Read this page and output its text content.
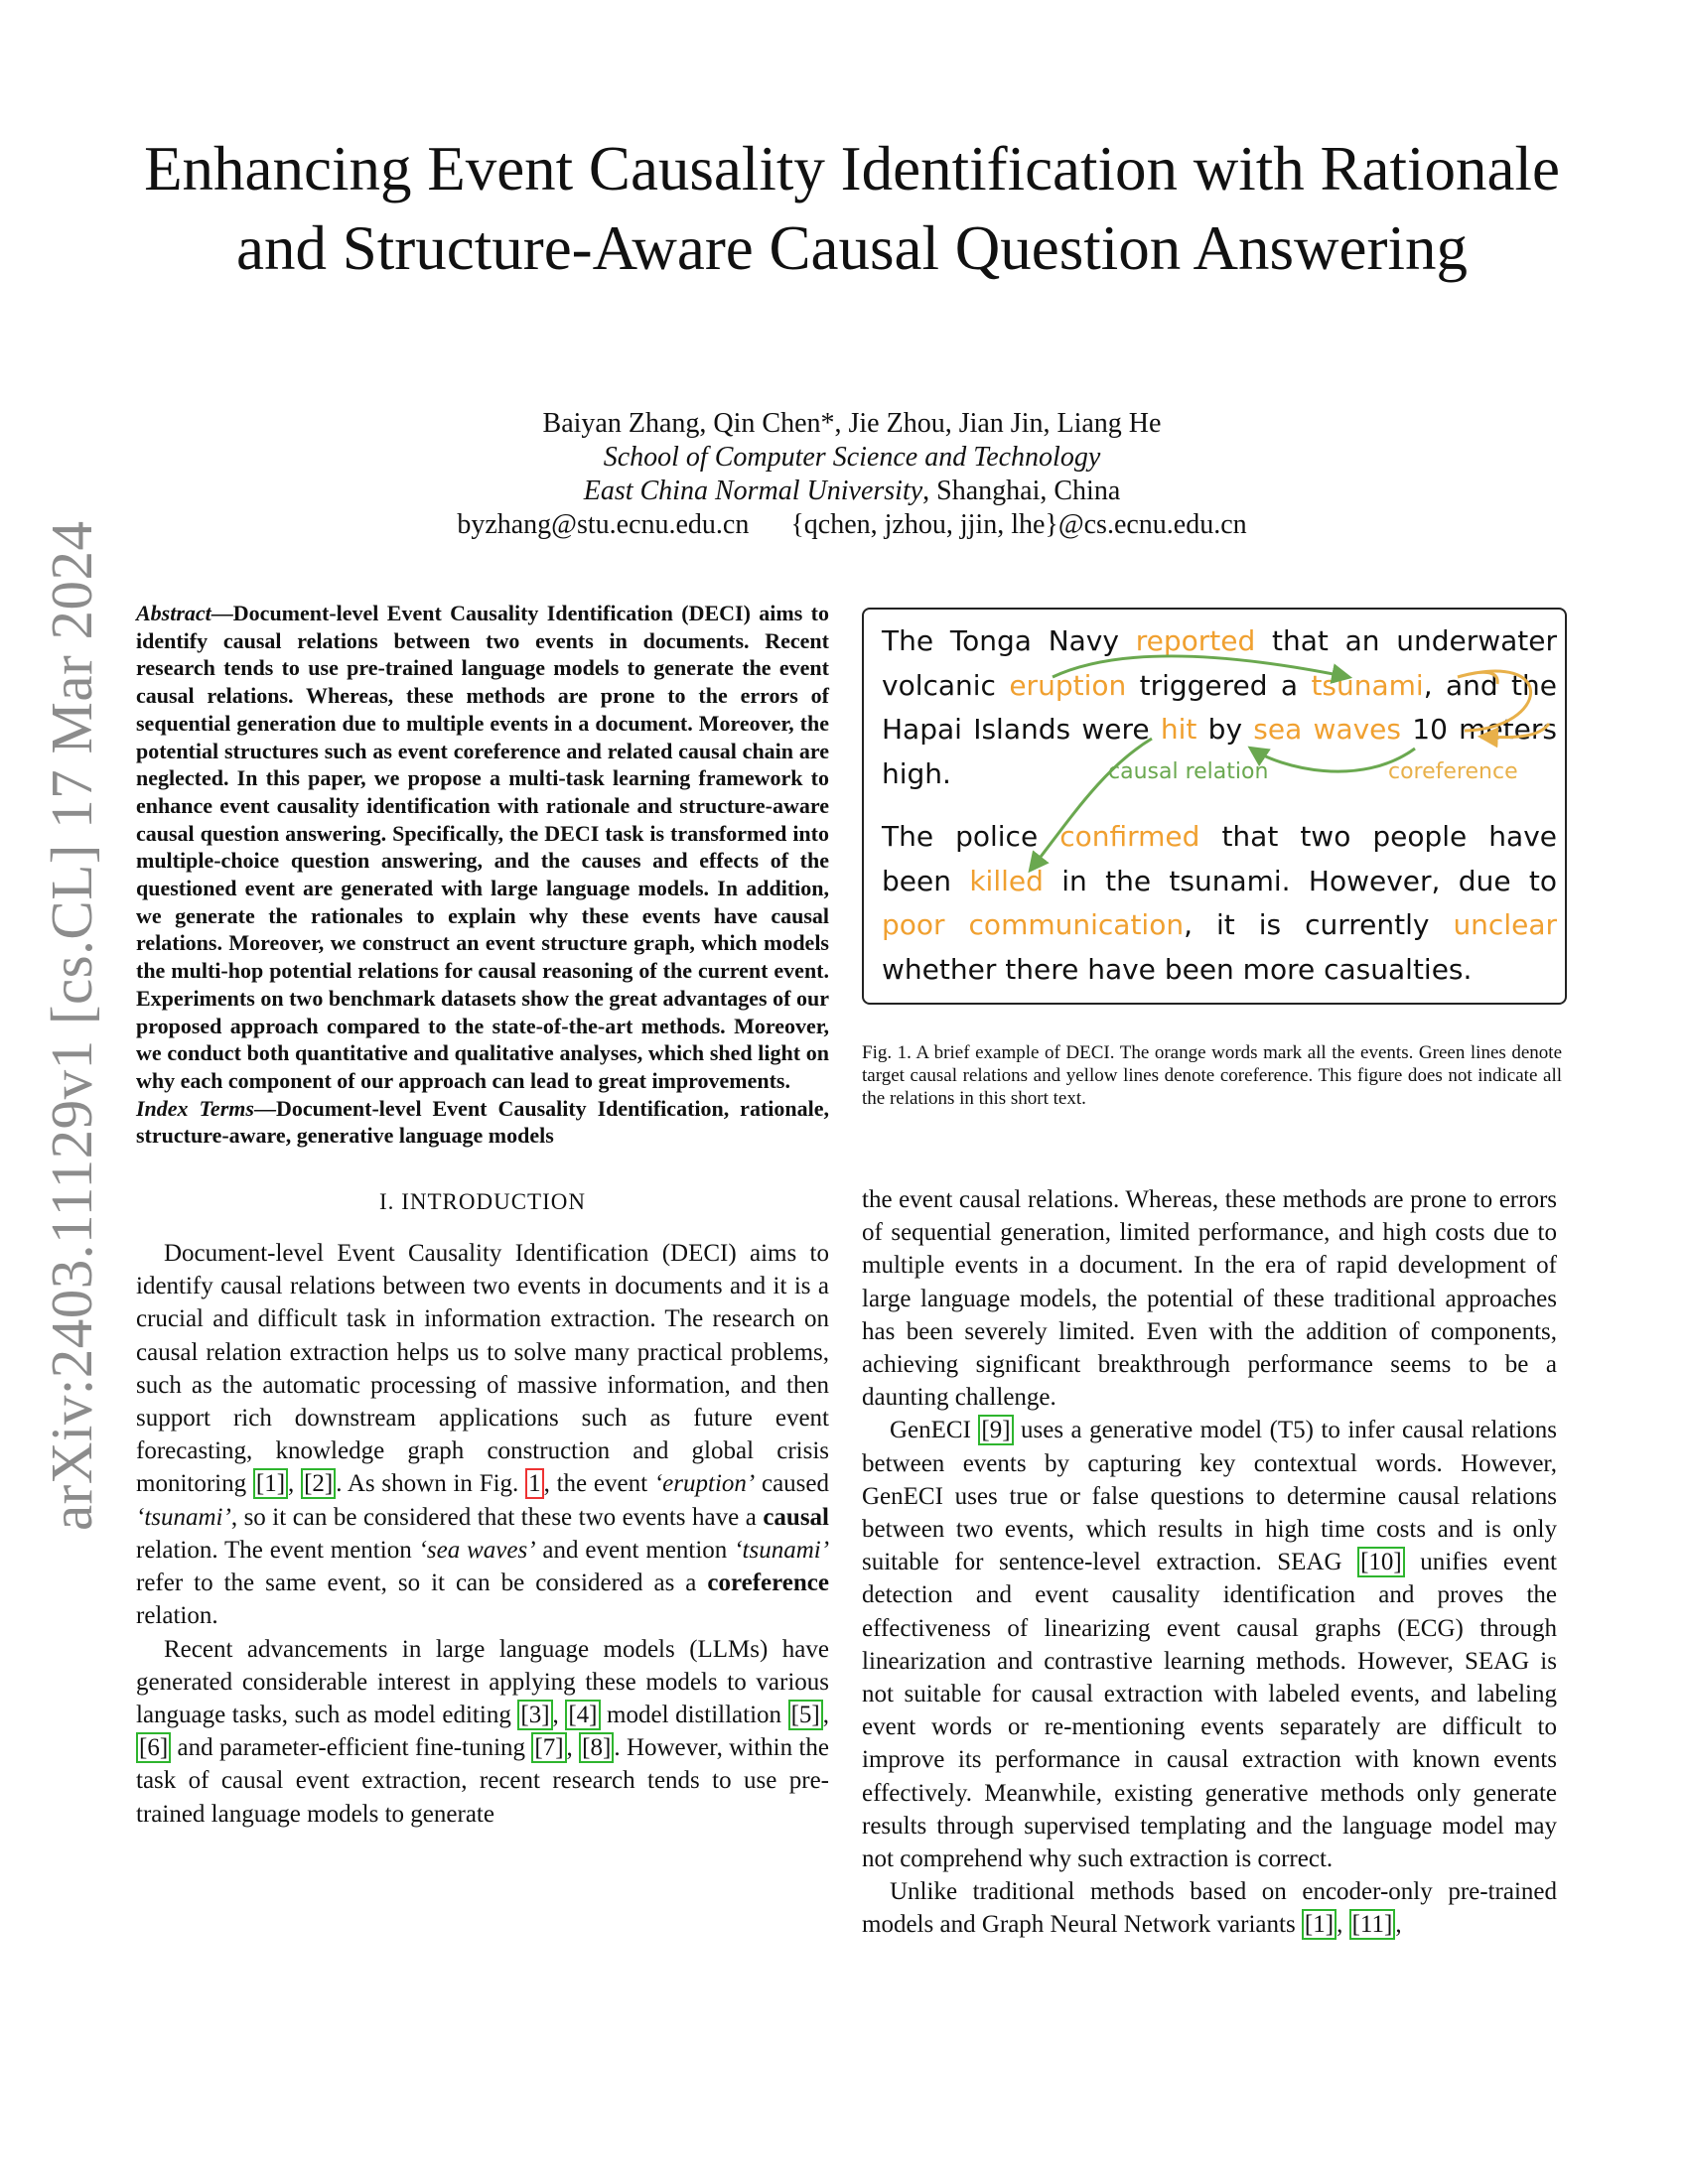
arXiv:2403.11129v1 [cs.CL] 17 Mar 2024
Enhancing Event Causality Identification with Rationale and Structure-Aware Causal Question Answering
Baiyan Zhang, Qin Chen*, Jie Zhou, Jian Jin, Liang He
School of Computer Science and Technology
East China Normal University, Shanghai, China
byzhang@stu.ecnu.edu.cn {qchen, jzhou, jjin, lhe}@cs.ecnu.edu.cn

Abstract—Document-level Event Causality Identification (DECI) aims to identify causal relations between two events in documents. Recent research tends to use pre-trained language models to generate the event causal relations. Whereas, these methods are prone to the errors of sequential generation due to multiple events in a document. Moreover, the potential structures such as event coreference and related causal chain are neglected. In this paper, we propose a multi-task learning framework to enhance event causality identification with rationale and structure-aware causal question answering. Specifically, the DECI task is transformed into multiple-choice question answering, and the causes and effects of the questioned event are generated with large language models. In addition, we generate the rationales to explain why these events have causal relations. Moreover, we construct an event structure graph, which models the multi-hop potential relations for causal reasoning of the current event. Experiments on two benchmark datasets show the great advantages of our proposed approach compared to the state-of-the-art methods. Moreover, we conduct both quantitative and qualitative analyses, which shed light on why each component of our approach can lead to great improvements.

Index Terms—Document-level Event Causality Identification, rationale, structure-aware, generative language models
I. INTRODUCTION

Document-level Event Causality Identification (DECI) aims to identify causal relations between two events in documents and it is a crucial and difficult task in information extraction. The research on causal relation extraction helps us to solve many practical problems, such as the automatic processing of massive information, and then support rich downstream applications such as future event forecasting, knowledge graph construction and global crisis monitoring [1] , [2] . As shown in Fig. 1 , the event ‘eruption’ caused ‘tsunami’, so it can be considered that these two events have a causal relation. The event mention ‘sea waves’ and event mention ‘tsunami’ refer to the same event, so it can be considered as a coreference relation.

Recent advancements in large language models (LLMs) have generated considerable interest in applying these models to various language tasks, such as model editing [3] , [4] model distillation [5] , [6] and parameter-efficient fine-tuning [7] , [8] . However, within the task of causal event extraction, recent research tends to use pre-trained language models to generate

The Tonga Navy reported that an underwater volcanic eruption triggered a tsunami, and the Hapai Islands were hit by sea waves 10 meters high.

The police confirmed that two people have been killed in the tsunami. However, due to poor communication, it is currently unclear whether there have been more casualties.

causal relation	coreference
Fig. 1. A brief example of DECI. The orange words mark all the events. Green lines denote target causal relations and yellow lines denote coreference. This figure does not indicate all the relations in this short text.

the event causal relations. Whereas, these methods are prone to errors of sequential generation, limited performance, and high costs due to multiple events in a document. In the era of rapid development of large language models, the potential of these traditional approaches has been severely limited. Even with the addition of components, achieving significant breakthrough performance seems to be a daunting challenge.

GenECI [9] uses a generative model (T5) to infer causal relations between events by capturing key contextual words. However, GenECI uses true or false questions to determine causal relations between two events, which results in high time costs and is only suitable for sentence-level extraction. SEAG [10] unifies event detection and event causality identification and proves the effectiveness of linearizing event causal graphs (ECG) through linearization and contrastive learning methods. However, SEAG is not suitable for causal extraction with labeled events, and labeling event words or re-mentioning events separately are difficult to improve its performance in causal extraction with known events effectively. Meanwhile, existing generative methods only generate results through supervised templating and the language model may not comprehend why such extraction is correct.

Unlike traditional methods based on encoder-only pre-trained models and Graph Neural Network variants [1] , [11] ,
